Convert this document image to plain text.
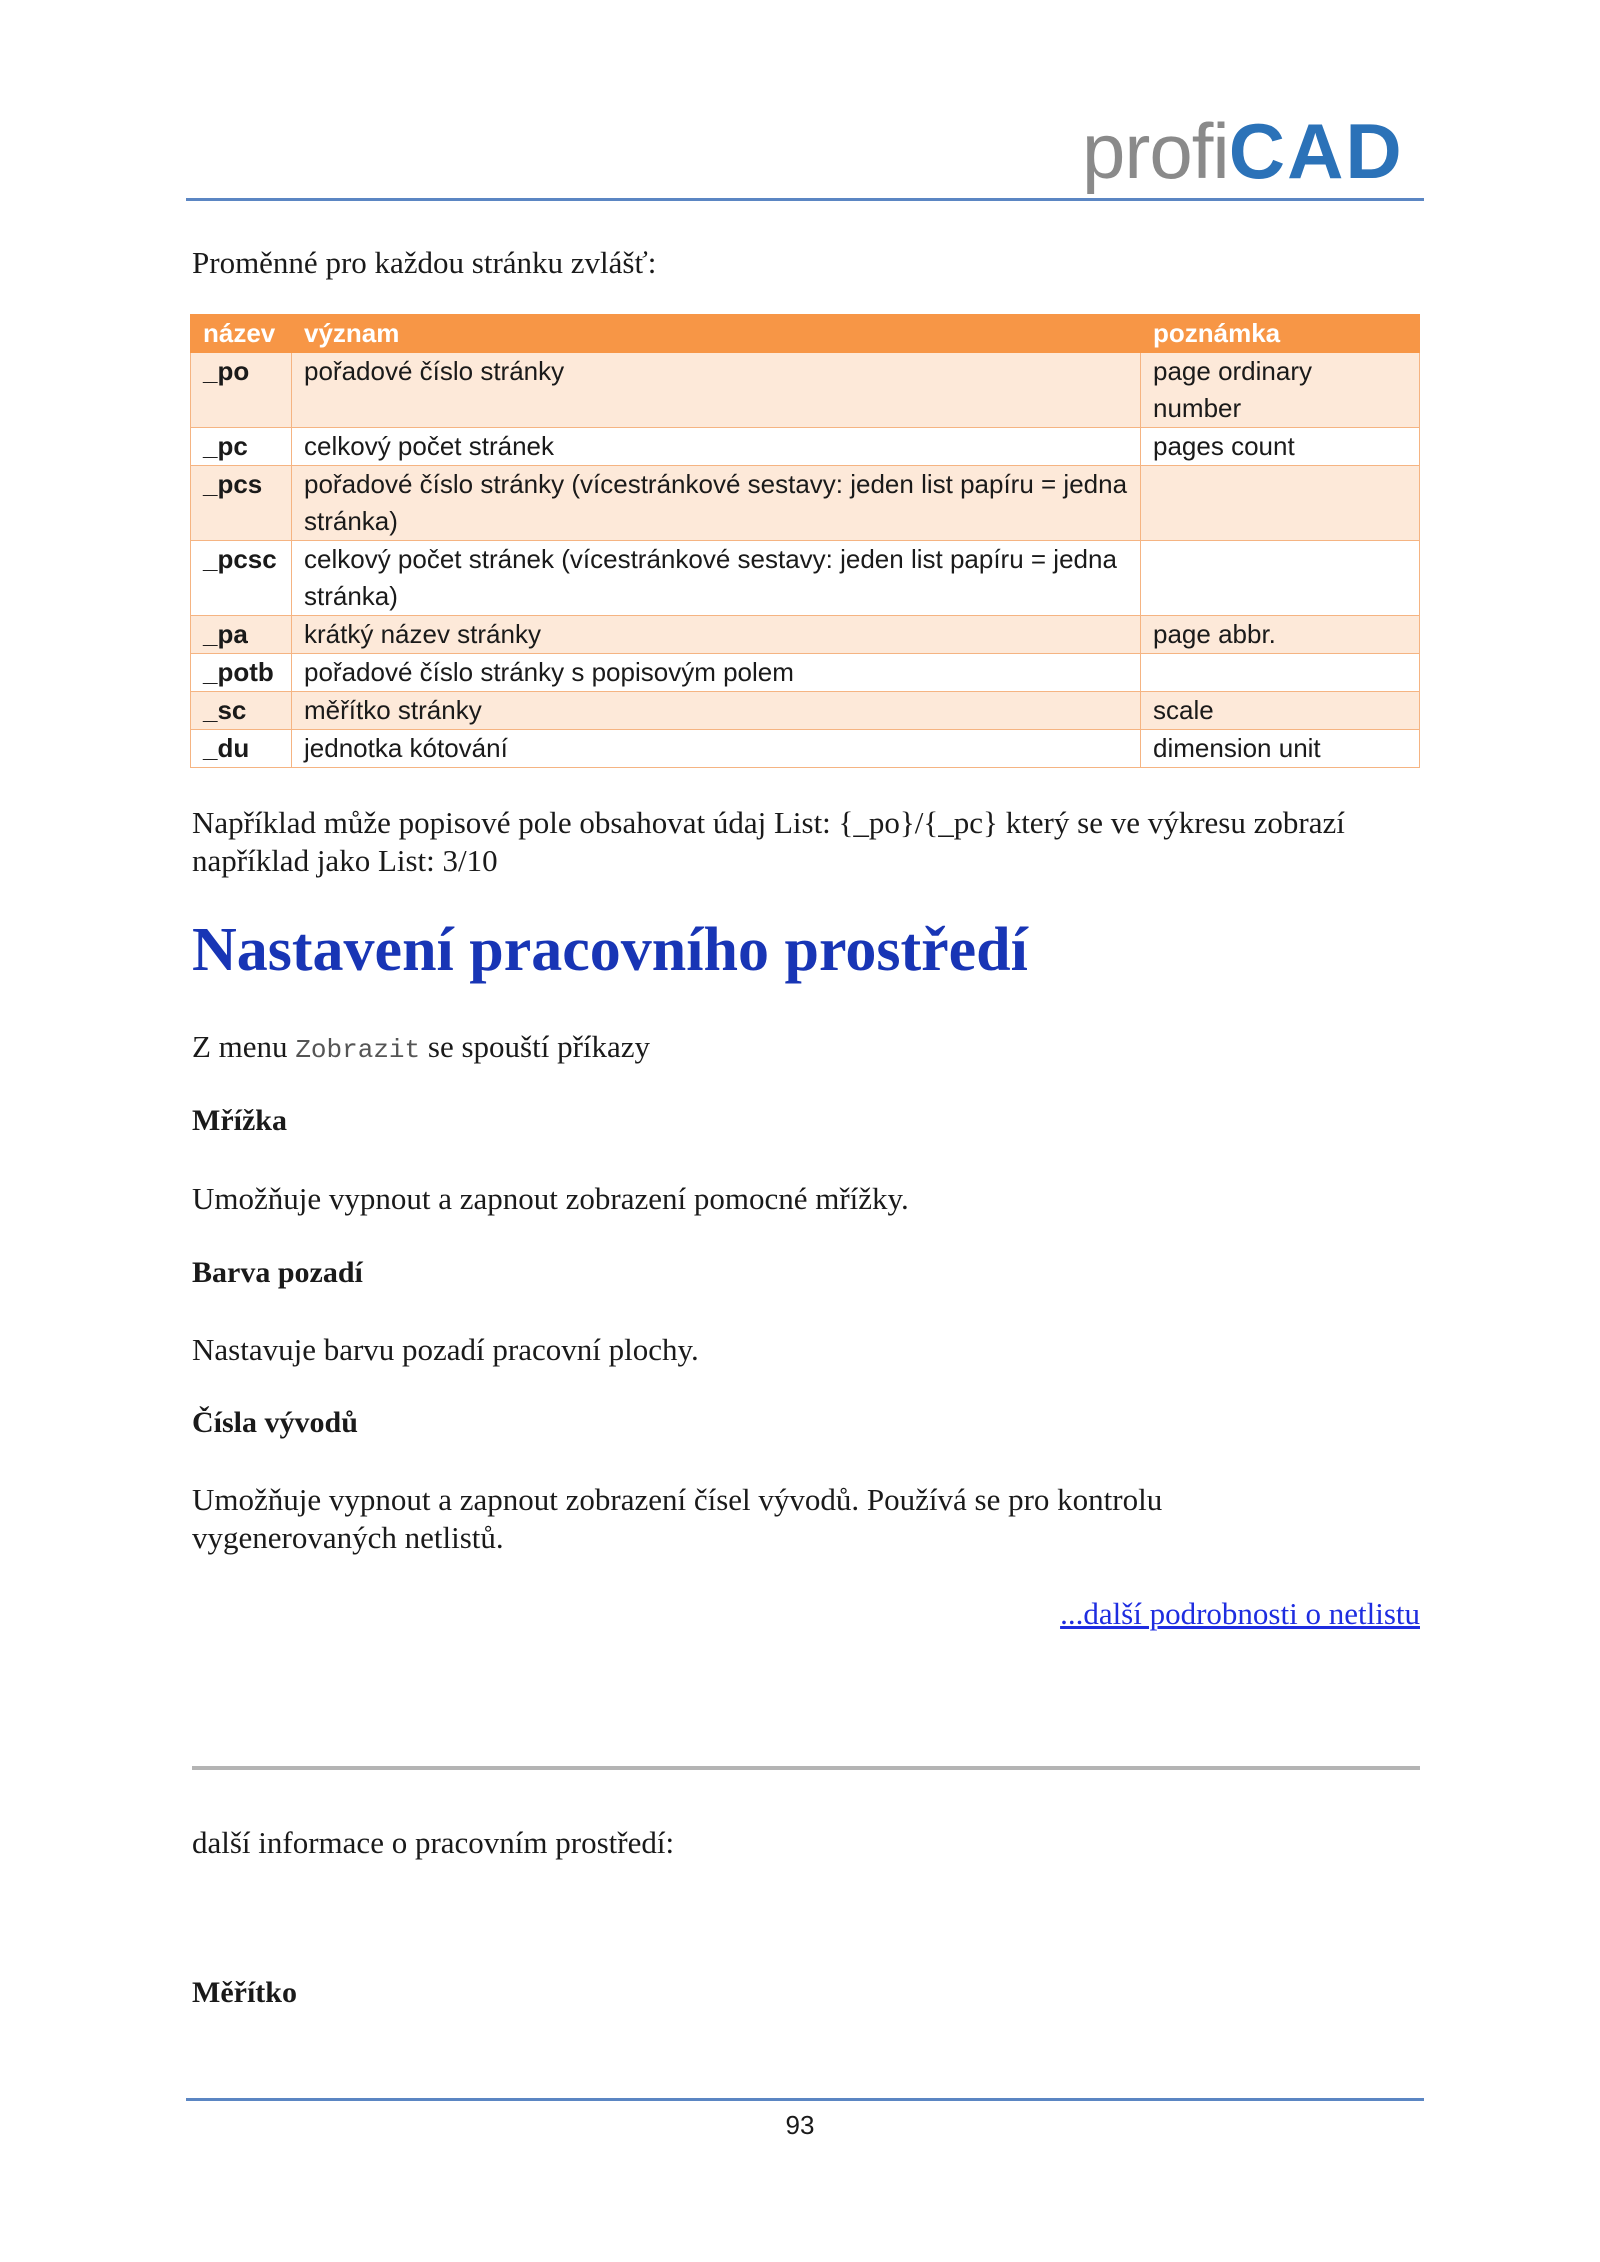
profi CAD
Proměnné pro každou stránku zvlášť:
název	význam	poznámka
_po	pořadové číslo stránky	page ordinary number
_pc	celkový počet stránek	pages count
_pcs	pořadové číslo stránky (vícestránkové sestavy: jeden list papíru = jedna stránka)	
_pcsc	celkový počet stránek (vícestránkové sestavy: jeden list papíru = jedna stránka)	
_pa	krátký název stránky	page abbr.
_potb	pořadové číslo stránky s popisovým polem	
_sc	měřítko stránky	scale
_du	jednotka kótování	dimension unit
Například může popisové pole obsahovat údaj List: {_po}/{_pc} který se ve výkresu zobrazí například jako List: 3/10
Nastavení pracovního prostředí
Z menu Zobrazit se spouští příkazy
Mřížka
Umožňuje vypnout a zapnout zobrazení pomocné mřížky.
Barva pozadí
Nastavuje barvu pozadí pracovní plochy.
Čísla vývodů
Umožňuje vypnout a zapnout zobrazení čísel vývodů. Používá se pro kontrolu vygenerovaných netlistů.
...další podrobnosti o netlistu
další informace o pracovním prostředí:
Měřítko
93
